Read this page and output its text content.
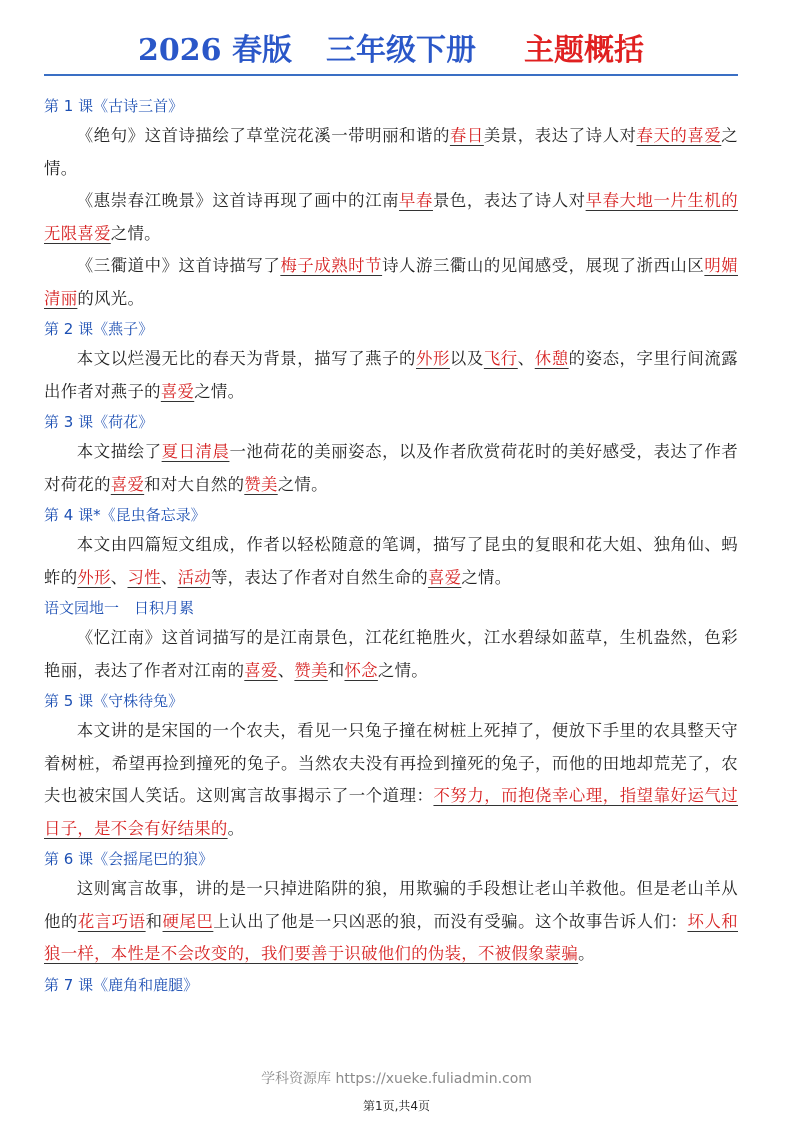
2026 春版 三年级下册 主题概括
第 1 课《古诗三首》

《绝句》这首诗描绘了草堂浣花溪一带明丽和谐的春日美景，表达了诗人对春天的喜爱之情。

《惠崇春江晚景》这首诗再现了画中的江南早春景色，表达了诗人对早春大地一片生机的无限喜爱之情。

《三衢道中》这首诗描写了梅子成熟时节诗人游三衢山的见闻感受，展现了浙西山区明媚清丽的风光。

第 2 课《燕子》

本文以烂漫无比的春天为背景，描写了燕子的外形以及飞行、休憩的姿态，字里行间流露出作者对燕子的喜爱之情。

第 3 课《荷花》

本文描绘了夏日清晨一池荷花的美丽姿态，以及作者欣赏荷花时的美好感受，表达了作者对荷花的喜爱和对大自然的赞美之情。

第 4 课*《昆虫备忘录》

本文由四篇短文组成，作者以轻松随意的笔调，描写了昆虫的复眼和花大姐、独角仙、蚂蚱的外形、习性、活动等，表达了作者对自然生命的喜爱之情。

语文园地一　日积月累

《忆江南》这首词描写的是江南景色，江花红艳胜火，江水碧绿如蓝草，生机盎然，色彩艳丽，表达了作者对江南的喜爱、赞美和怀念之情。

第 5 课《守株待兔》

本文讲的是宋国的一个农夫，看见一只兔子撞在树桩上死掉了，便放下手里的农具整天守着树桩，希望再捡到撞死的兔子。当然农夫没有再捡到撞死的兔子，而他的田地却荒芜了，农夫也被宋国人笑话。这则寓言故事揭示了一个道理：不努力，而抱侥幸心理，指望靠好运气过日子，是不会有好结果的。

第 6 课《会摇尾巴的狼》

这则寓言故事，讲的是一只掉进陷阱的狼，用欺骗的手段想让老山羊救他。但是老山羊从他的花言巧语和硬尾巴上认出了他是一只凶恶的狼，而没有受骗。这个故事告诉人们：坏人和狼一样，本性是不会改变的，我们要善于识破他们的伪装，不被假象蒙骗。

第 7 课《鹿角和鹿腿》
学科资源库 https://xueke.fuliadmin.com
第1页,共4页
